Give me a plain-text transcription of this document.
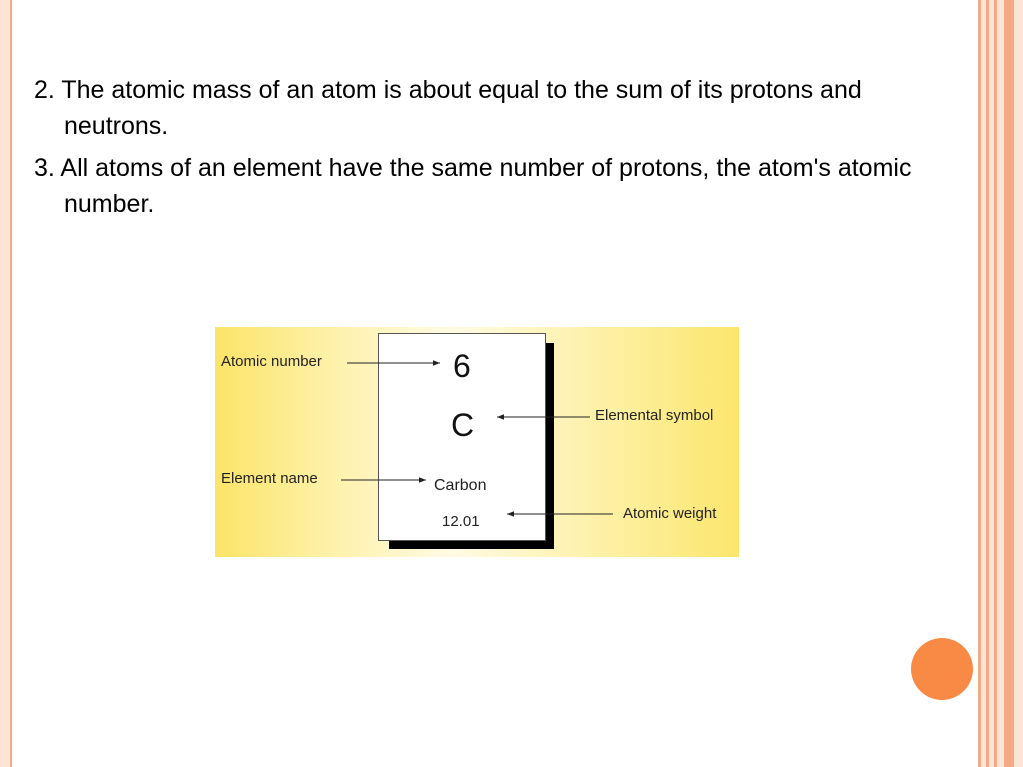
2. The atomic mass of an atom is about equal to the sum of its protons and neutrons.

3. All atoms of an element have the same number of protons, the atom's atomic number.

6
C
Carbon
12.01
Atomic number
Elemental symbol
Element name
Atomic weight
